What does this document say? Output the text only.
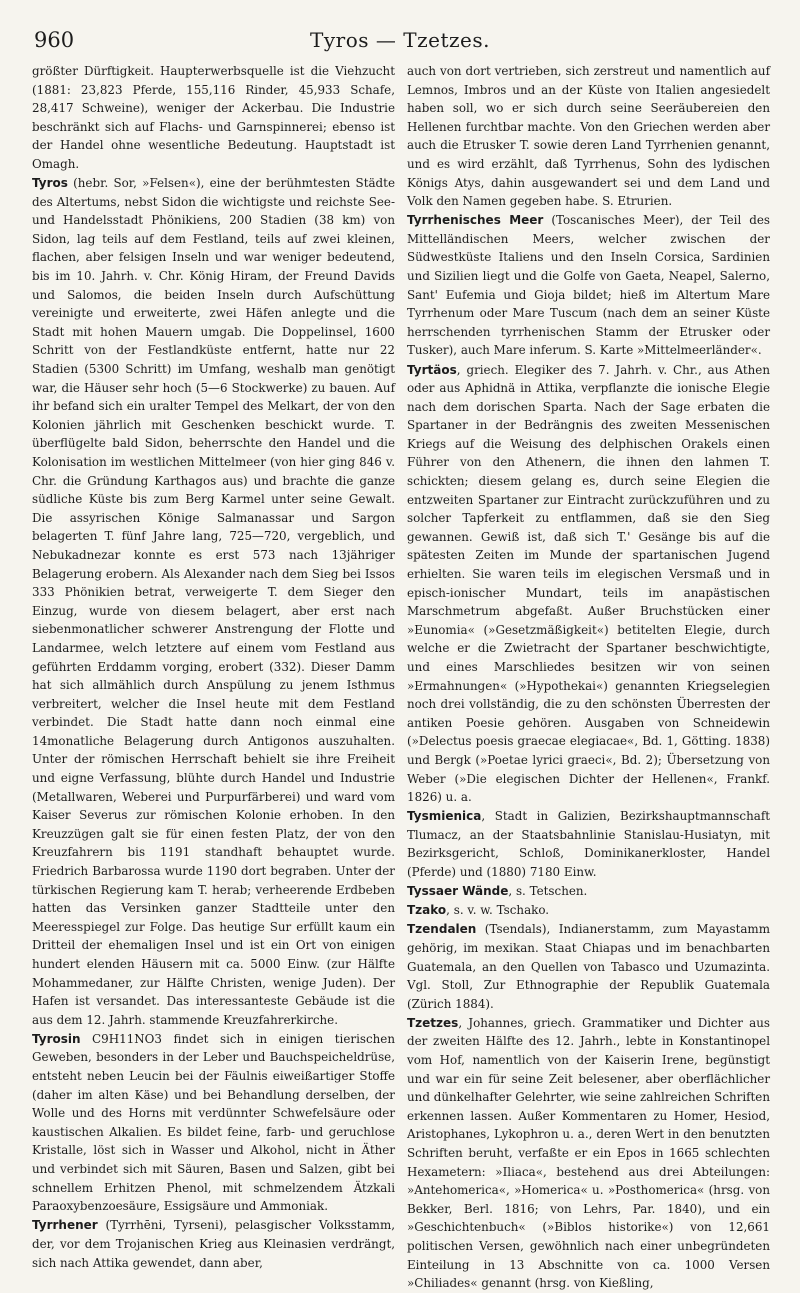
960	Tyros — Tzetzes.

größter Dürftigkeit. Haupterwerbsquelle ist die Viehzucht (1881: 23,823 Pferde, 155,116 Rinder, 45,933 Schafe, 28,417 Schweine), weniger der Ackerbau. Die Industrie beschränkt sich auf Flachs- und Garnspinnerei; ebenso ist der Handel ohne wesentliche Bedeutung. Hauptstadt ist Omagh.

Tyros (hebr. Sor, »Felsen«), eine der berühmtesten Städte des Altertums, nebst Sidon die wichtigste und reichste See- und Handelsstadt Phönikiens, 200 Stadien (38 km) von Sidon, lag teils auf dem Festland, teils auf zwei kleinen, flachen, aber felsigen Inseln und war weniger bedeutend, bis im 10. Jahrh. v. Chr. König Hiram, der Freund Davids und Salomos, die beiden Inseln durch Aufschüttung vereinigte und erweiterte, zwei Häfen anlegte und die Stadt mit hohen Mauern umgab. Die Doppelinsel, 1600 Schritt von der Festlandküste entfernt, hatte nur 22 Stadien (5300 Schritt) im Umfang, weshalb man genötigt war, die Häuser sehr hoch (5—6 Stockwerke) zu bauen. Auf ihr befand sich ein uralter Tempel des Melkart, der von den Kolonien jährlich mit Geschenken beschickt wurde. T. überflügelte bald Sidon, beherrschte den Handel und die Kolonisation im westlichen Mittelmeer (von hier ging 846 v. Chr. die Gründung Karthagos aus) und brachte die ganze südliche Küste bis zum Berg Karmel unter seine Gewalt. Die assyrischen Könige Salmanassar und Sargon belagerten T. fünf Jahre lang, 725—720, vergeblich, und Nebukadnezar konnte es erst 573 nach 13jähriger Belagerung erobern. Als Alexander nach dem Sieg bei Issos 333 Phönikien betrat, verweigerte T. dem Sieger den Einzug, wurde von diesem belagert, aber erst nach siebenmonatlicher schwerer Anstrengung der Flotte und Landarmee, welch letztere auf einem vom Festland aus geführten Erddamm vorging, erobert (332). Dieser Damm hat sich allmählich durch Anspülung zu jenem Isthmus verbreitert, welcher die Insel heute mit dem Festland verbindet. Die Stadt hatte dann noch einmal eine 14monatliche Belagerung durch Antigonos auszuhalten. Unter der römischen Herrschaft behielt sie ihre Freiheit und eigne Verfassung, blühte durch Handel und Industrie (Metallwaren, Weberei und Purpurfärberei) und ward vom Kaiser Severus zur römischen Kolonie erhoben. In den Kreuzzügen galt sie für einen festen Platz, der von den Kreuzfahrern bis 1191 standhaft behauptet wurde. Friedrich Barbarossa wurde 1190 dort begraben. Unter der türkischen Regierung kam T. herab; verheerende Erdbeben hatten das Versinken ganzer Stadtteile unter den Meeresspiegel zur Folge. Das heutige Sur erfüllt kaum ein Dritteil der ehemaligen Insel und ist ein Ort von einigen hundert elenden Häusern mit ca. 5000 Einw. (zur Hälfte Mohammedaner, zur Hälfte Christen, wenige Juden). Der Hafen ist versandet. Das interessanteste Gebäude ist die aus dem 12. Jahrh. stammende Kreuzfahrerkirche.

Tyrosin C9H11NO3 findet sich in einigen tierischen Geweben, besonders in der Leber und Bauchspeicheldrüse, entsteht neben Leucin bei der Fäulnis eiweißartiger Stoffe (daher im alten Käse) und bei Behandlung derselben, der Wolle und des Horns mit verdünnter Schwefelsäure oder kaustischen Alkalien. Es bildet feine, farb- und geruchlose Kristalle, löst sich in Wasser und Alkohol, nicht in Äther und verbindet sich mit Säuren, Basen und Salzen, gibt bei schnellem Erhitzen Phenol, mit schmelzendem Ätzkali Paraoxybenzoesäure, Essigsäure und Ammoniak.

Tyrrhener (Tyrrhēni, Tyrseni), pelasgischer Volksstamm, der, vor dem Trojanischen Krieg aus Kleinasien verdrängt, sich nach Attika gewendet, dann aber,

auch von dort vertrieben, sich zerstreut und namentlich auf Lemnos, Imbros und an der Küste von Italien angesiedelt haben soll, wo er sich durch seine Seeräubereien den Hellenen furchtbar machte. Von den Griechen werden aber auch die Etrusker T. sowie deren Land Tyrrhenien genannt, und es wird erzählt, daß Tyrrhenus, Sohn des lydischen Königs Atys, dahin ausgewandert sei und dem Land und Volk den Namen gegeben habe. S. Etrurien.

Tyrrhenisches Meer (Toscanisches Meer), der Teil des Mittelländischen Meers, welcher zwischen der Südwestküste Italiens und den Inseln Corsica, Sardinien und Sizilien liegt und die Golfe von Gaeta, Neapel, Salerno, Sant' Eufemia und Gioja bildet; hieß im Altertum Mare Tyrrhenum oder Mare Tuscum (nach dem an seiner Küste herrschenden tyrrhenischen Stamm der Etrusker oder Tusker), auch Mare inferum. S. Karte »Mittelmeerländer«.

Tyrtäos, griech. Elegiker des 7. Jahrh. v. Chr., aus Athen oder aus Aphidnä in Attika, verpflanzte die ionische Elegie nach dem dorischen Sparta. Nach der Sage erbaten die Spartaner in der Bedrängnis des zweiten Messenischen Kriegs auf die Weisung des delphischen Orakels einen Führer von den Athenern, die ihnen den lahmen T. schickten; diesem gelang es, durch seine Elegien die entzweiten Spartaner zur Eintracht zurückzuführen und zu solcher Tapferkeit zu entflammen, daß sie den Sieg gewannen. Gewiß ist, daß sich T.' Gesänge bis auf die spätesten Zeiten im Munde der spartanischen Jugend erhielten. Sie waren teils im elegischen Versmaß und in episch-ionischer Mundart, teils im anapästischen Marschmetrum abgefaßt. Außer Bruchstücken einer »Eunomia« (»Gesetzmäßigkeit«) betitelten Elegie, durch welche er die Zwietracht der Spartaner beschwichtigte, und eines Marschliedes besitzen wir von seinen »Ermahnungen« (»Hypothekai«) genannten Kriegselegien noch drei vollständig, die zu den schönsten Überresten der antiken Poesie gehören. Ausgaben von Schneidewin (»Delectus poesis graecae elegiacae«, Bd. 1, Götting. 1838) und Bergk (»Poetae lyrici graeci«, Bd. 2); Übersetzung von Weber (»Die elegischen Dichter der Hellenen«, Frankf. 1826) u. a.

Tysmienica, Stadt in Galizien, Bezirkshauptmannschaft Tlumacz, an der Staatsbahnlinie Stanislau-Husiatyn, mit Bezirksgericht, Schloß, Dominikanerkloster, Handel (Pferde) und (1880) 7180 Einw.

Tyssaer Wände, s. Tetschen.

Tzako, s. v. w. Tschako.

Tzendalen (Tsendals), Indianerstamm, zum Mayastamm gehörig, im mexikan. Staat Chiapas und im benachbarten Guatemala, an den Quellen von Tabasco und Uzumazinta. Vgl. Stoll, Zur Ethnographie der Republik Guatemala (Zürich 1884).

Tzetzes, Johannes, griech. Grammatiker und Dichter aus der zweiten Hälfte des 12. Jahrh., lebte in Konstantinopel vom Hof, namentlich von der Kaiserin Irene, begünstigt und war ein für seine Zeit belesener, aber oberflächlicher und dünkelhafter Gelehrter, wie seine zahlreichen Schriften erkennen lassen. Außer Kommentaren zu Homer, Hesiod, Aristophanes, Lykophron u. a., deren Wert in den benutzten Schriften beruht, verfaßte er ein Epos in 1665 schlechten Hexametern: »Iliaca«, bestehend aus drei Abteilungen: »Antehomerica«, »Homerica« u. »Posthomerica« (hrsg. von Bekker, Berl. 1816; von Lehrs, Par. 1840), und ein »Geschichtenbuch« (»Biblos historike«) von 12,661 politischen Versen, gewöhnlich nach einer unbegründeten Einteilung in 13 Abschnitte von ca. 1000 Versen »Chiliades« genannt (hrsg. von Kießling,
